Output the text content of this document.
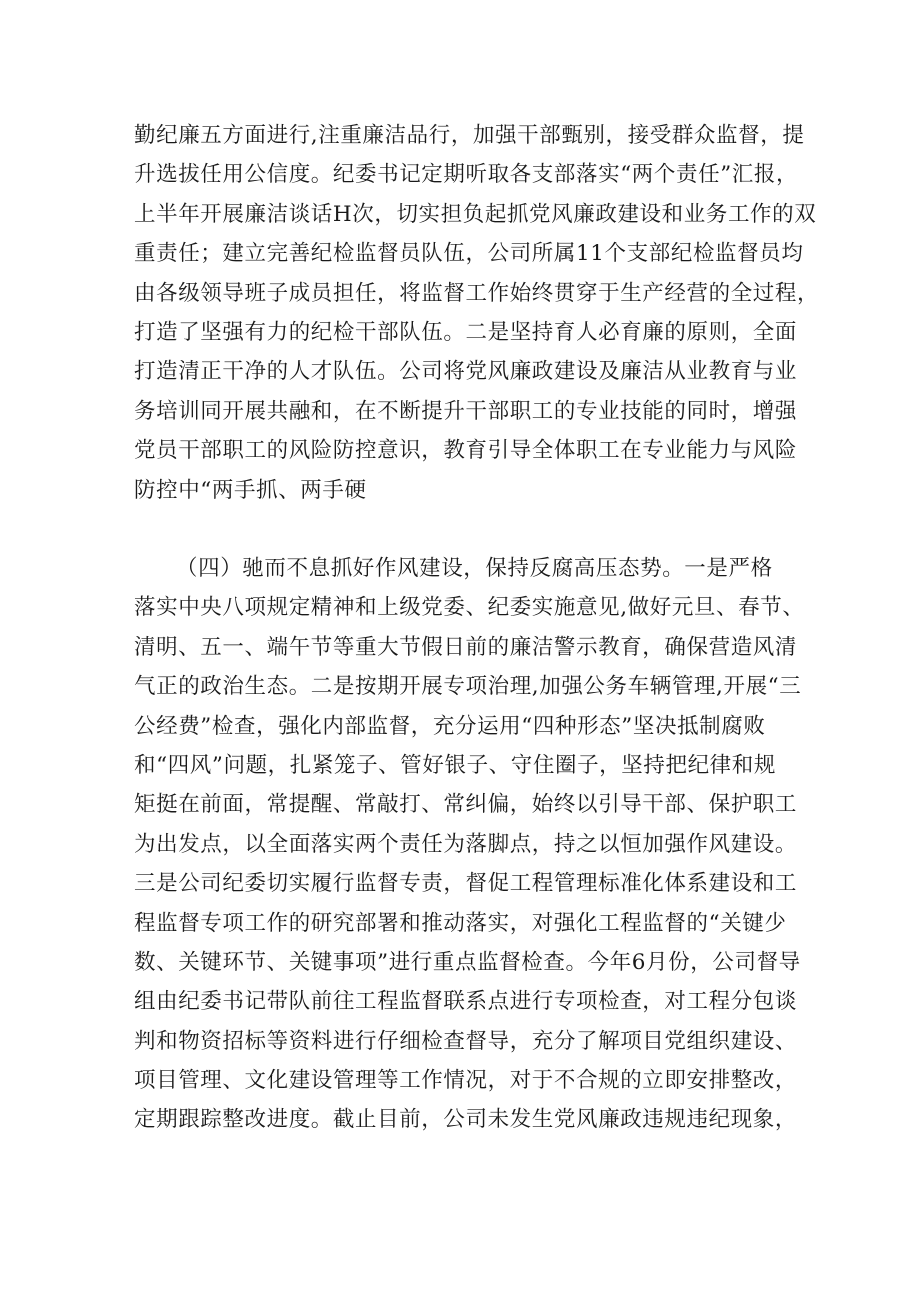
勤纪廉五方面进行,注重廉洁品行，加强干部甄别，接受群众监督，提
升选拔任用公信度。纪委书记定期听取各支部落实“两个责任”汇报，
上半年开展廉洁谈话H次，切实担负起抓党风廉政建设和业务工作的双
重责任；建立完善纪检监督员队伍，公司所属11个支部纪检监督员均
由各级领导班子成员担任，将监督工作始终贯穿于生产经营的全过程，
打造了坚强有力的纪检干部队伍。二是坚持育人必育廉的原则，全面
打造清正干净的人才队伍。公司将党风廉政建设及廉洁从业教育与业
务培训同开展共融和，在不断提升干部职工的专业技能的同时，增强
党员干部职工的风险防控意识，教育引导全体职工在专业能力与风险
防控中“两手抓、两手硬
（四）驰而不息抓好作风建设，保持反腐高压态势。一是严格
落实中央八项规定精神和上级党委、纪委实施意见,做好元旦、春节、
清明、五一、端午节等重大节假日前的廉洁警示教育，确保营造风清
气正的政治生态。二是按期开展专项治理,加强公务车辆管理,开展“三
公经费”检查，强化内部监督，充分运用“四种形态”坚决抵制腐败
和“四风”问题，扎紧笼子、管好银子、守住圈子，坚持把纪律和规
矩挺在前面，常提醒、常敲打、常纠偏，始终以引导干部、保护职工
为出发点，以全面落实两个责任为落脚点，持之以恒加强作风建设。
三是公司纪委切实履行监督专责，督促工程管理标准化体系建设和工
程监督专项工作的研究部署和推动落实，对强化工程监督的“关键少
数、关键环节、关键事项”进行重点监督检查。今年6月份，公司督导
组由纪委书记带队前往工程监督联系点进行专项检查，对工程分包谈
判和物资招标等资料进行仔细检查督导，充分了解项目党组织建设、
项目管理、文化建设管理等工作情况，对于不合规的立即安排整改，
定期跟踪整改进度。截止目前，公司未发生党风廉政违规违纪现象，
